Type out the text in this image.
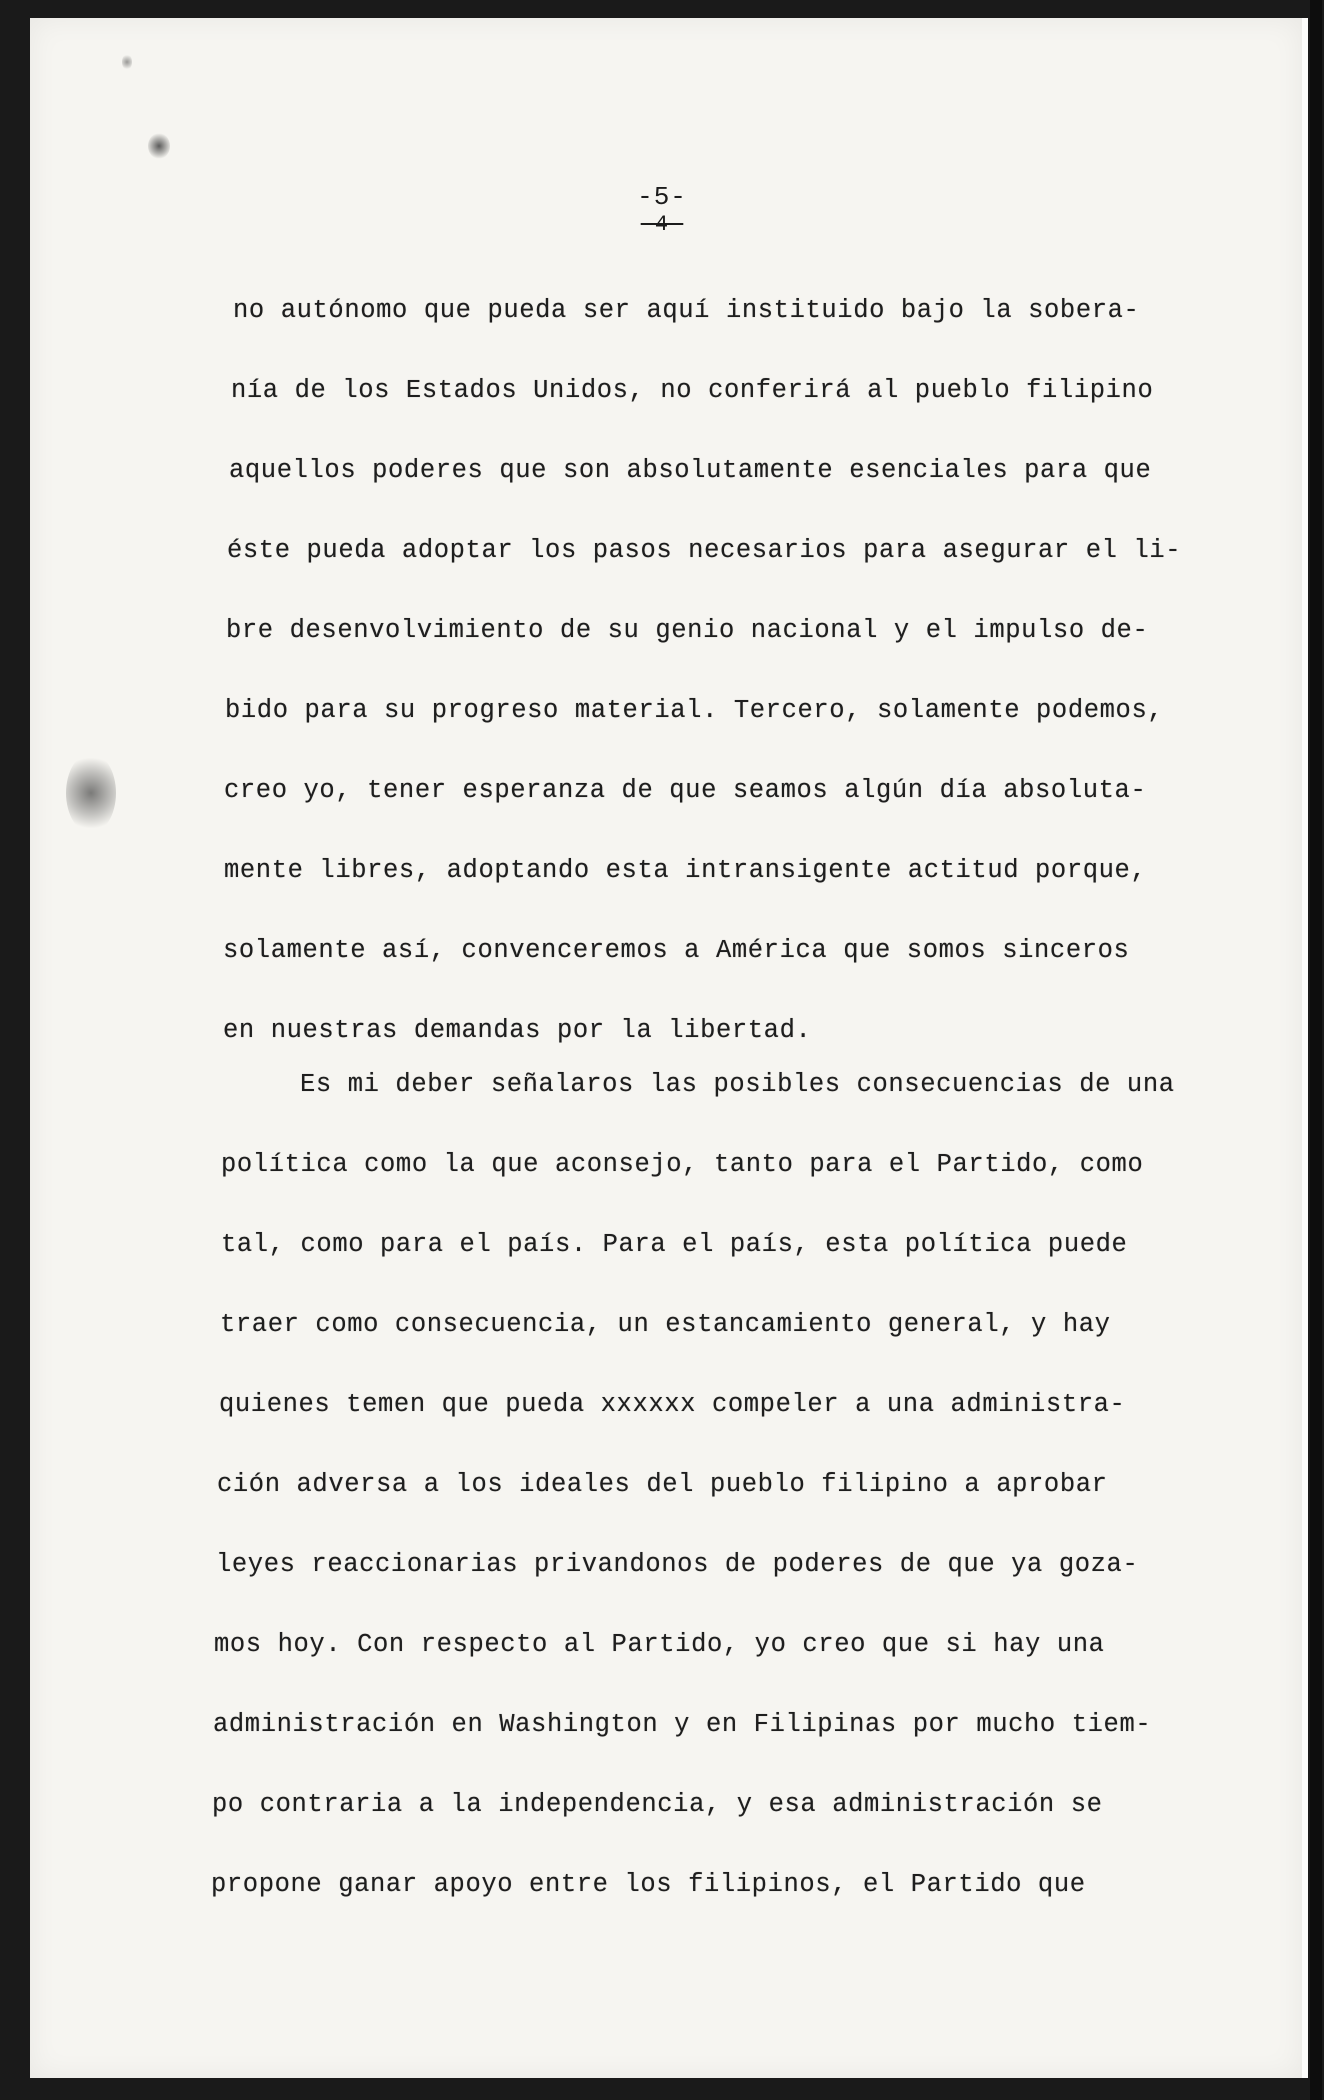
-5-
-4-
no autónomo que pueda ser aquí instituido bajo la sobera-
nía de los Estados Unidos, no conferirá al pueblo filipino
aquellos poderes que son absolutamente esenciales para que
éste pueda adoptar los pasos necesarios para asegurar el li-
bre desenvolvimiento de su genio nacional y el impulso de-
bido para su progreso material. Tercero, solamente podemos,
creo yo, tener esperanza de que seamos algún día absoluta-
mente libres, adoptando esta intransigente actitud porque,
solamente así, convenceremos a América que somos sinceros
en nuestras demandas por la libertad.
Es mi deber señalaros las posibles consecuencias de una
política como la que aconsejo, tanto para el Partido, como
tal, como para el país. Para el país, esta política puede
traer como consecuencia, un estancamiento general, y hay
quienes temen que pueda xxxxxx compeler a una administra-
ción adversa a los ideales del pueblo filipino a aprobar
leyes reaccionarias privandonos de poderes de que ya goza-
mos hoy. Con respecto al Partido, yo creo que si hay una
administración en Washington y en Filipinas por mucho tiem-
po contraria a la independencia, y esa administración se
propone ganar apoyo entre los filipinos, el Partido que
